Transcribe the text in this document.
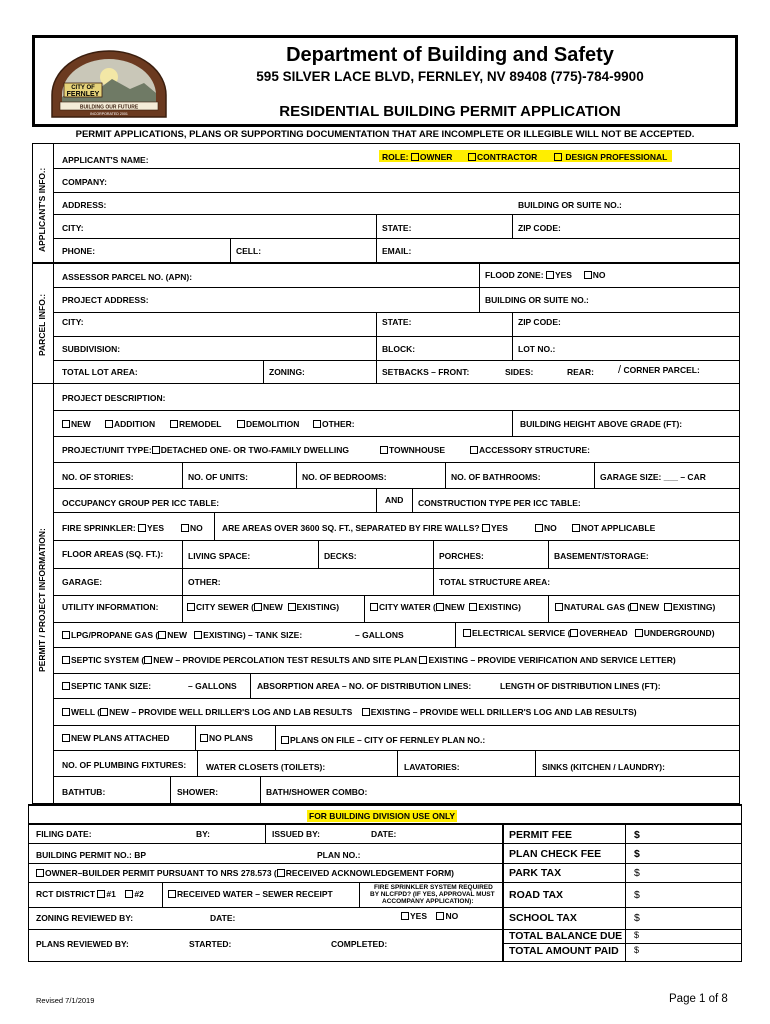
CITY OF
FERNLEY
BUILDING OUR FUTURE
INCORPORATED 2001
Department of Building and Safety
595 SILVER LACE BLVD, FERNLEY, NV 89408 (775)-784-9900
RESIDENTIAL BUILDING PERMIT APPLICATION
PERMIT APPLICATIONS, PLANS OR SUPPORTING DOCUMENTATION THAT ARE INCOMPLETE OR ILLEGIBLE WILL NOT BE ACCEPTED.
APPLICANT'S INFO.:
PARCEL INFO.:
PERMIT / PROJECT INFORMATION:
APPLICANT'S NAME:	ROLE: OWNER	CONTRACTOR	DESIGN PROFESSIONAL
COMPANY:
ADDRESS:	BUILDING OR SUITE NO.:
CITY:	STATE:	ZIP CODE:
PHONE:	CELL:	EMAIL:
ASSESSOR PARCEL NO. (APN):	FLOOD ZONE: YES NO
PROJECT ADDRESS:	BUILDING OR SUITE NO.:
CITY:	STATE:	ZIP CODE:
SUBDIVISION:	BLOCK:	LOT NO.:
TOTAL LOT AREA:	ZONING:	SETBACKS – FRONT:	SIDES:	REAR: / CORNER PARCEL:
PROJECT DESCRIPTION:
NEW	ADDITION	REMODEL	DEMOLITION	OTHER:	BUILDING HEIGHT ABOVE GRADE (FT):
PROJECT/UNIT TYPE: DETACHED ONE- OR TWO-FAMILY DWELLING	TOWNHOUSE	ACCESSORY STRUCTURE:
NO. OF STORIES:	NO. OF UNITS:	NO. OF BEDROOMS:	NO. OF BATHROOMS:	GARAGE SIZE: ___ – CAR
OCCUPANCY GROUP PER ICC TABLE:	AND CONSTRUCTION TYPE PER ICC TABLE:
FIRE SPRINKLER: YES	NO ARE AREAS OVER 3600 SQ. FT., SEPARATED BY FIRE WALLS? YES	NO	NOT APPLICABLE
FLOOR AREAS (SQ. FT.):	LIVING SPACE:	DECKS:	PORCHES:	BASEMENT/STORAGE:
GARAGE:	OTHER:	TOTAL STRUCTURE AREA:
UTILITY INFORMATION:	CITY SEWER ( NEW EXISTING)	CITY WATER ( NEW EXISTING)	NATURAL GAS ( NEW EXISTING)
LPG/PROPANE GAS ( NEW EXISTING) – TANK SIZE:	– GALLONS	ELECTRICAL SERVICE ( OVERHEAD UNDERGROUND)
SEPTIC SYSTEM ( NEW – PROVIDE PERCOLATION TEST RESULTS AND SITE PLAN EXISTING – PROVIDE VERIFICATION AND SERVICE LETTER)
SEPTIC TANK SIZE:	– GALLONS ABSORPTION AREA – NO. OF DISTRIBUTION LINES:	LENGTH OF DISTRIBUTION LINES (FT):
WELL ( NEW – PROVIDE WELL DRILLER'S LOG AND LAB RESULTS EXISTING – PROVIDE WELL DRILLER'S LOG AND LAB RESULTS)
NEW PLANS ATTACHED	NO PLANS	PLANS ON FILE – CITY OF FERNLEY PLAN NO.:
NO. OF PLUMBING FIXTURES: WATER CLOSETS (TOILETS):	LAVATORIES:	SINKS (KITCHEN / LAUNDRY):
BATHTUB:	SHOWER:	BATH/SHOWER COMBO:
FOR BUILDING DIVISION USE ONLY
FILING DATE:	BY:	ISSUED BY:	DATE:
BUILDING PERMIT NO.: BP	PLAN NO.:
OWNER–BUILDER PERMIT PURSUANT TO NRS 278.573 ( RECEIVED ACKNOWLEDGEMENT FORM)
RCT DISTRICT #1 #2	RECEIVED WATER – SEWER RECEIPT
FIRE SPRINKLER SYSTEM REQUIRED
BY NLCFPD? (IF YES, APPROVAL MUST
ACCOMPANY APPLICATION):
ZONING REVIEWED BY:	DATE:	YES NO
PLANS REVIEWED BY:	STARTED:	COMPLETED:
PERMIT FEE	$
PLAN CHECK FEE	$
PARK TAX	$
ROAD TAX	$
SCHOOL TAX	$
TOTAL BALANCE DUE $
TOTAL AMOUNT PAID $
Revised 7/1/2019	Page 1 of 8
